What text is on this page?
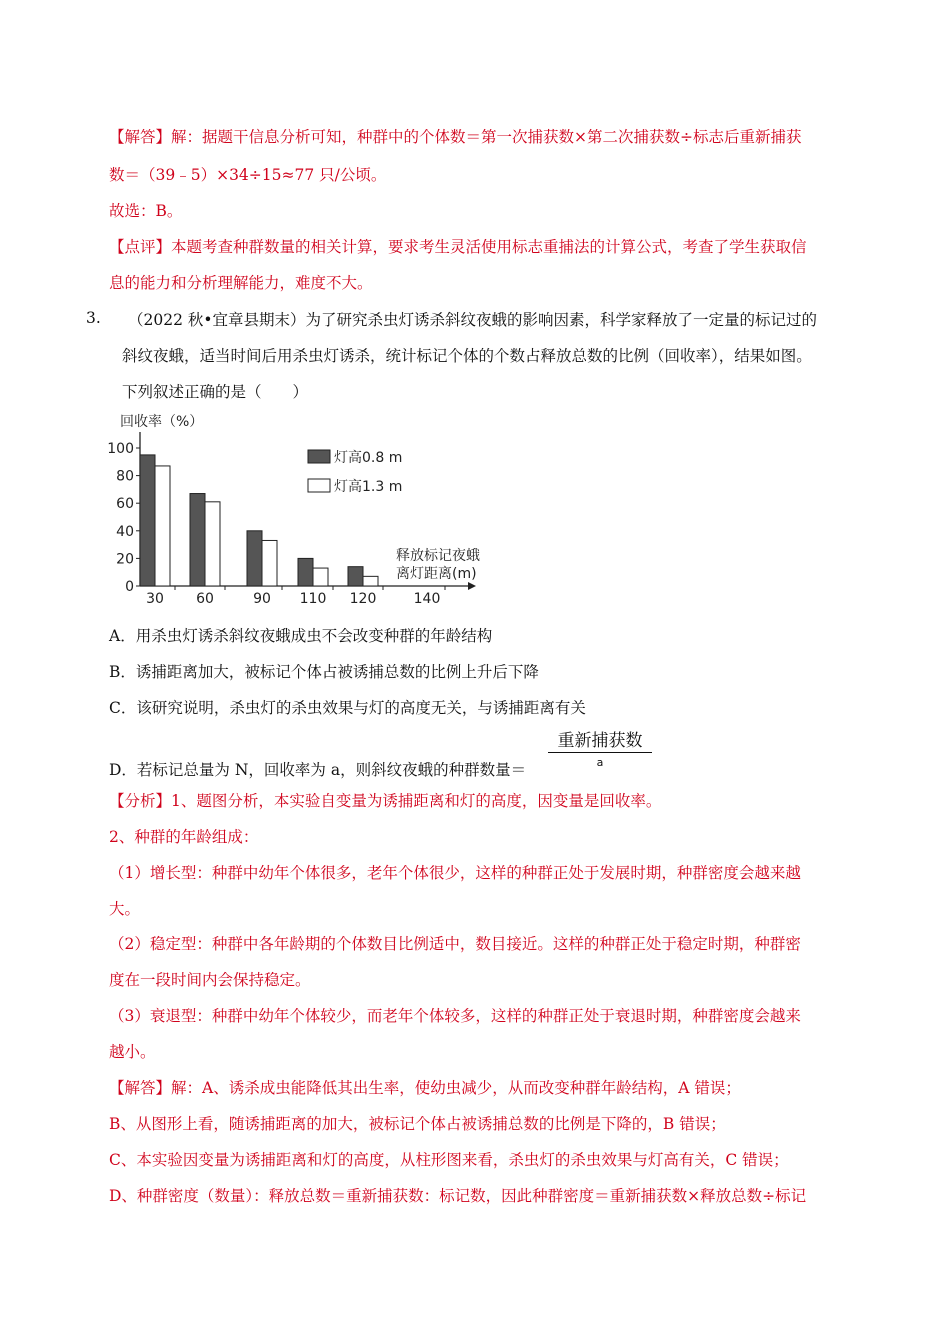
【解答】解：据题干信息分析可知，种群中的个体数＝第一次捕获数×第二次捕获数÷标志后重新捕获
数＝（39﹣5）×34÷15≈77 只/公顷。
故选：B。
【点评】本题考查种群数量的相关计算，要求考生灵活使用标志重捕法的计算公式，考查了学生获取信
息的能力和分析理解能力，难度不大。
3. （2022 秋•宜章县期末）为了研究杀虫灯诱杀斜纹夜蛾的影响因素，科学家释放了一定量的标记过的
斜纹夜蛾，适当时间后用杀虫灯诱杀，统计标记个体的个数占释放总数的比例（回收率），结果如图。
下列叙述正确的是（　　）
回收率（%）
0
20
40
60
80
100
30 60	90 110 120	140
灯高0.8 m
灯高1.3 m
释放标记夜蛾
离灯距离(m)
A．用杀虫灯诱杀斜纹夜蛾成虫不会改变种群的年龄结构
B．诱捕距离加大，被标记个体占被诱捕总数的比例上升后下降
C．该研究说明，杀虫灯的杀虫效果与灯的高度无关，与诱捕距离有关
D．若标记总量为 N，回收率为 a，则斜纹夜蛾的种群数量＝
重新捕获数
a
【分析】1、题图分析，本实验自变量为诱捕距离和灯的高度，因变量是回收率。
2、种群的年龄组成：
（1）增长型：种群中幼年个体很多，老年个体很少，这样的种群正处于发展时期，种群密度会越来越
大。
（2）稳定型：种群中各年龄期的个体数目比例适中，数目接近。这样的种群正处于稳定时期，种群密
度在一段时间内会保持稳定。
（3）衰退型：种群中幼年个体较少，而老年个体较多，这样的种群正处于衰退时期，种群密度会越来
越小。
【解答】解：A、诱杀成虫能降低其出生率，使幼虫减少，从而改变种群年龄结构，A 错误；
B、从图形上看，随诱捕距离的加大，被标记个体占被诱捕总数的比例是下降的，B 错误；
C、本实验因变量为诱捕距离和灯的高度，从柱形图来看，杀虫灯的杀虫效果与灯高有关，C 错误；
D、种群密度（数量）：释放总数＝重新捕获数：标记数，因此种群密度＝重新捕获数×释放总数÷标记
